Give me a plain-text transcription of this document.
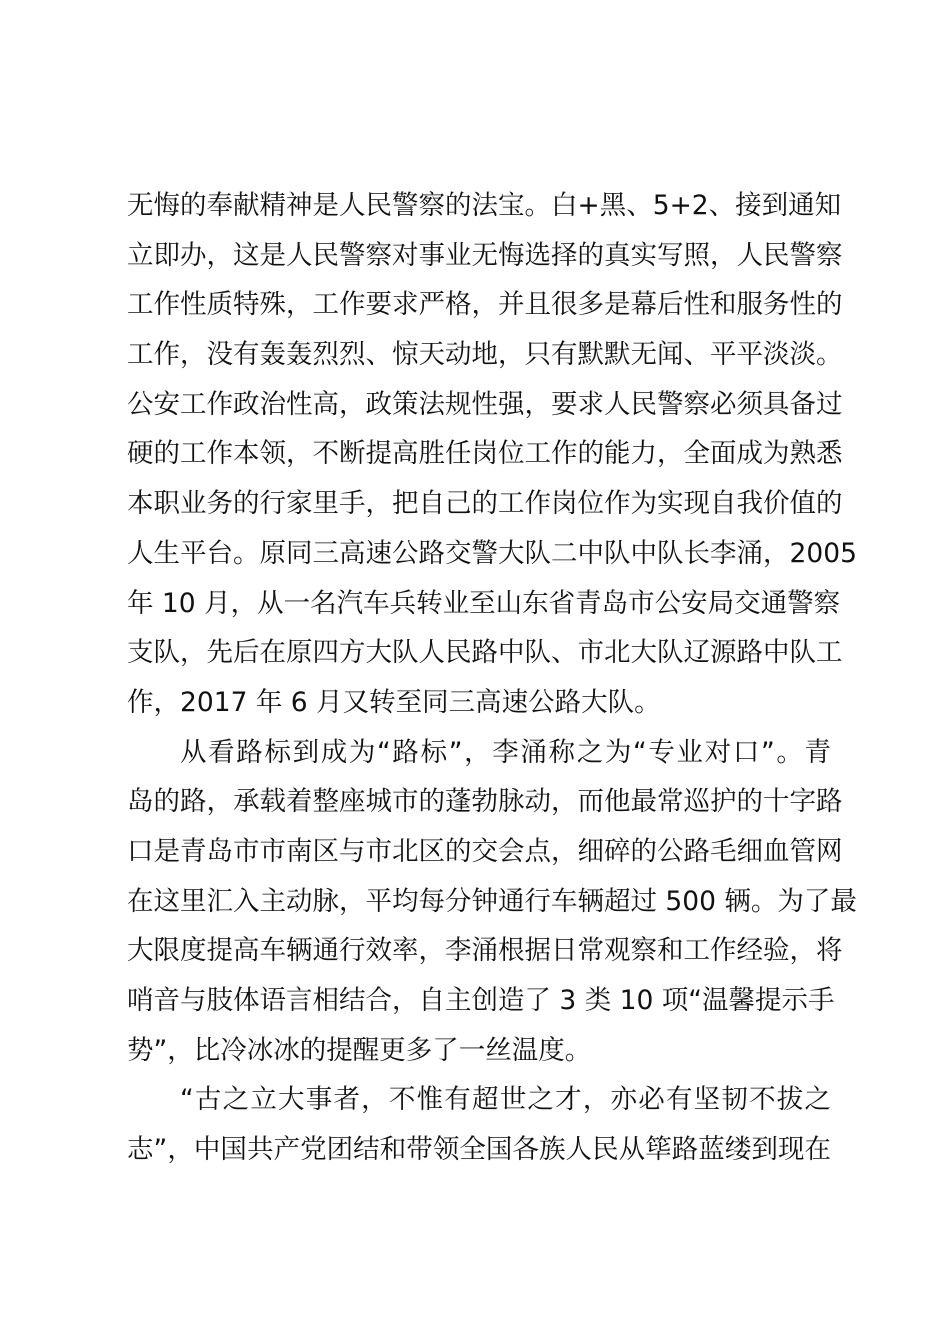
无悔的奉献精神是人民警察的法宝。白+黑、5+2、接到通知
立即办，这是人民警察对事业无悔选择的真实写照，人民警察
工作性质特殊，工作要求严格，并且很多是幕后性和服务性的
工作，没有轰轰烈烈、惊天动地，只有默默无闻、平平淡淡。
公安工作政治性高，政策法规性强，要求人民警察必须具备过
硬的工作本领，不断提高胜任岗位工作的能力，全面成为熟悉
本职业务的行家里手，把自己的工作岗位作为实现自我价值的
人生平台。原同三高速公路交警大队二中队中队长李涌，2005
年 10 月，从一名汽车兵转业至山东省青岛市公安局交通警察
支队，先后在原四方大队人民路中队、市北大队辽源路中队工
作，2017 年 6 月又转至同三高速公路大队。
从看路标到成为“路标”，李涌称之为“专业对口”。青
岛的路，承载着整座城市的蓬勃脉动，而他最常巡护的十字路
口是青岛市市南区与市北区的交会点，细碎的公路毛细血管网
在这里汇入主动脉，平均每分钟通行车辆超过 500 辆。为了最
大限度提高车辆通行效率，李涌根据日常观察和工作经验，将
哨音与肢体语言相结合，自主创造了 3 类 10 项“温馨提示手
势”，比冷冰冰的提醒更多了一丝温度。
“古之立大事者，不惟有超世之才，亦必有坚韧不拔之
志”，中国共产党团结和带领全国各族人民从筚路蓝缕到现在
